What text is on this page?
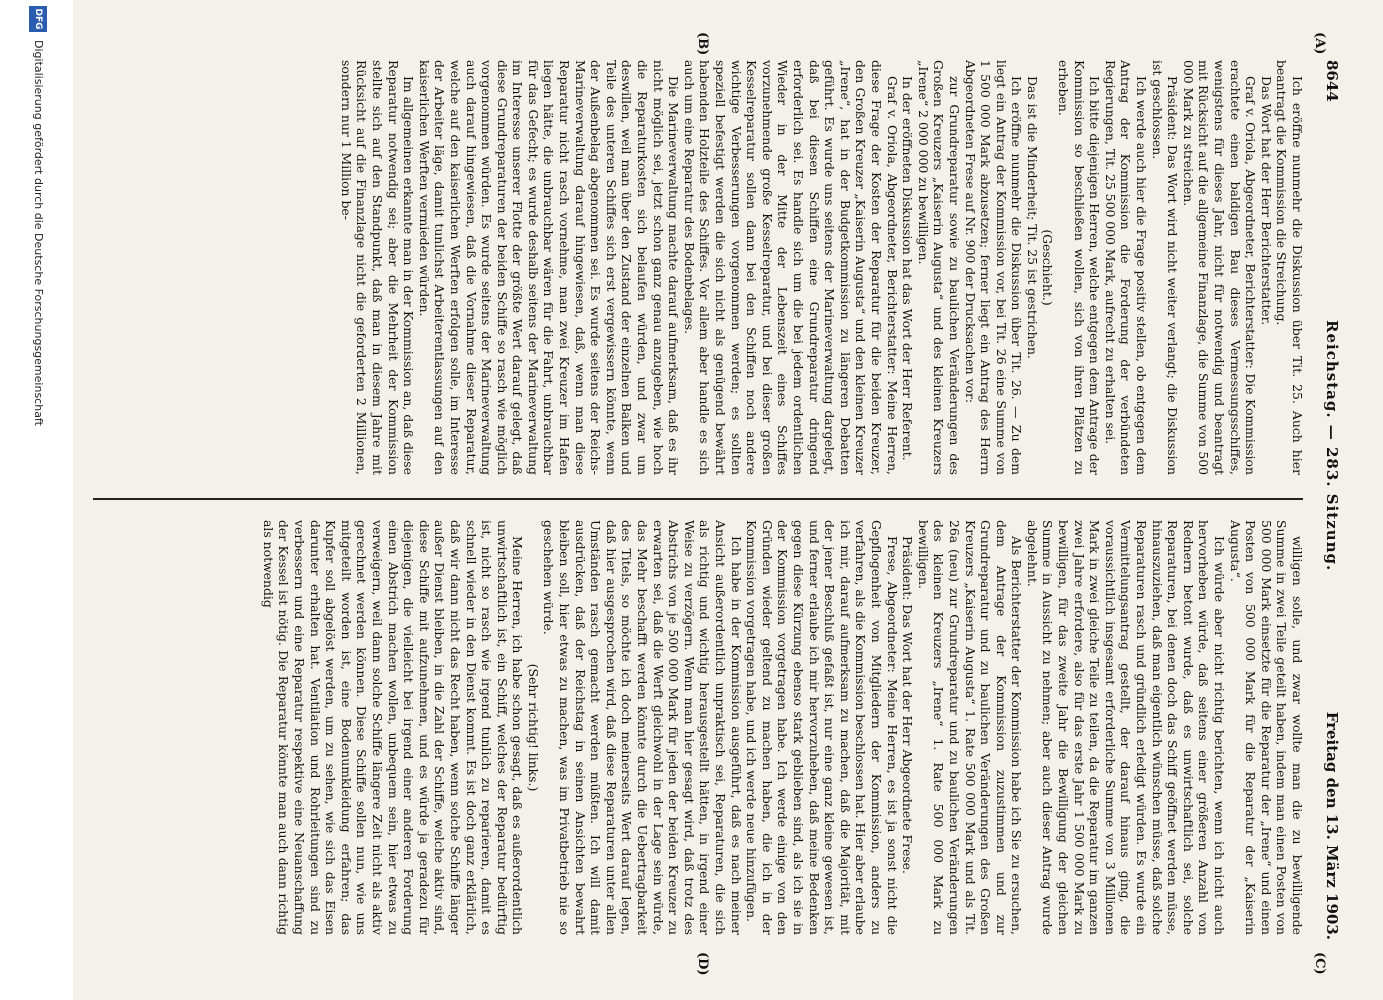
8644
Reichstag. — 283. Sitzung.
Freitag den 13. März 1903.
(A)
(B)
(C)
(D)

Ich eröffne nunmehr die Diskussion über Tit. 25. Auch hier beantragt die Kommission die Streichung.

Das Wort hat der Herr Berichterstatter.

Graf v. Oriola, Abgeordneter, Berichterstatter: Die Kommission erachtete einen baldigen Bau dieses Vermessungsschiffes, wenigstens für dieses Jahr, nicht für notwendig und beantragt mit Rücksicht auf die allgemeine Finanzlage, die Summe von 500 000 Mark zu streichen.

Präsident: Das Wort wird nicht weiter verlangt; die Diskussion ist geschlossen.

Ich werde auch hier die Frage positiv stellen, ob entgegen dem Antrag der Kommission die Forderung der verbündeten Regierungen, Tit. 25 500 000 Mark, aufrecht zu erhalten sei.

Ich bitte diejenigen Herren, welche entgegen dem Antrage der Kommission so beschließen wollen, sich von ihren Plätzen zu erheben.

(Geschieht.)

Das ist die Minderheit; Tit. 25 ist gestrichen.

Ich eröffne nunmehr die Diskussion über Tit. 26. — Zu dem liegt ein Antrag der Kommission vor, bei Tit. 26 eine Summe von 1 500 000 Mark abzusetzen; ferner liegt ein Antrag des Herrn Abgeordneten Frese auf Nr. 900 der Drucksachen vor:

zur Grundreparatur sowie zu baulichen Veränderungen des Großen Kreuzers „Kaiserin Augusta“ und des kleinen Kreuzers „Irene“ 2 000 000 zu bewilligen.

In der eröffneten Diskussion hat das Wort der Herr Referent.

Graf v. Oriola, Abgeordneter, Berichterstatter: Meine Herren, diese Frage der Kosten der Reparatur für die beiden Kreuzer, den Großen Kreuzer „Kaiserin Augusta“ und den kleinen Kreuzer „Irene“, hat in der Budgetkommission zu längeren Debatten geführt. Es wurde uns seitens der Marineverwaltung dargelegt, daß bei diesen Schiffen eine Grundreparatur dringend erforderlich sei. Es handle sich um die bei jedem ordentlichen Wieder in der Mitte der Lebenszeit eines Schiffes vorzunehmende große Kesselreparatur, und bei dieser großen Kesselreparatur sollen dann bei den Schiffen noch andere wichtige Verbesserungen vorgenommen werden; es sollten speziell befestigt werden die sich nicht als genügend bewährt habenden Holzteile des Schiffes. Vor allem aber handle es sich auch um eine Reparatur des Bodenbelages.

Die Marineverwaltung machte darauf aufmerksam, daß es ihr nicht möglich sei, jetzt schon ganz genau anzugeben, wie hoch die Reparaturkosten sich belaufen würden, und zwar um deswillen, weil man über den Zustand der einzelnen Balken und Teile des unteren Schiffes sich erst vergewissern könnte, wenn der Außenbelag abgenommen sei. Es wurde seitens der Reichs-Marineverwaltung darauf hingewiesen, daß, wenn man diese Reparatur nicht rasch vornehme, man zwei Kreuzer im Hafen liegen hätte, die unbrauchbar wären für die Fahrt, unbrauchbar für das Gefecht; es wurde deshalb seitens der Marineverwaltung im Interesse unserer Flotte der größte Wert darauf gelegt, daß diese Grundreparaturen der beiden Schiffe so rasch wie möglich vorgenommen würden. Es wurde seitens der Marineverwaltung auch darauf hingewiesen, daß die Vornahme dieser Reparatur, welche auf den kaiserlichen Werften erfolgen solle, im Interesse der Arbeiter läge, damit tunlichst Arbeiterentlassungen auf den kaiserlichen Werften vermieden würden.

Im allgemeinen erkannte man in der Kommission an, daß diese Reparatur notwendig sei; aber die Mehrheit der Kommission stellte sich auf den Standpunkt, daß man in diesem Jahre mit Rücksicht auf die Finanzlage nicht die geforderten 2 Millionen, sondern nur 1 Million be-

willigen solle, und zwar wollte man die zu bewilligende Summe in zwei Teile geteilt haben, indem man einen Posten von 500 000 Mark einsetzte für die Reparatur der „Irene“ und einen Posten von 500 000 Mark für die Reparatur der „Kaiserin Augusta“.

Ich würde aber nicht richtig berichten, wenn ich nicht auch hervorheben würde, daß seitens einer größeren Anzahl von Rednern betont wurde, daß es unwirtschaftlich sei, solche Reparaturen, bei denen doch das Schiff geöffnet werden müsse, hinauszuziehen, daß man eigentlich wünschen müsse, daß solche Reparaturen rasch und gründlich erledigt würden. Es wurde ein Vermittelungsantrag gestellt, der darauf hinaus ging, die voraussichtlich insgesamt erforderliche Summe von 3 Millionen Mark in zwei gleiche Teile zu teilen, da die Reparatur im ganzen zwei Jahre erfordere, also für das erste Jahr 1 500 000 Mark zu bewilligen, für das zweite Jahr die Bewilligung der gleichen Summe in Aussicht zu nehmen; aber auch dieser Antrag wurde abgelehnt.

Als Berichterstatter der Kommission habe ich Sie zu ersuchen, dem Antrage der Kommission zuzustimmen und zur Grundreparatur und zu baulichen Veränderungen des Großen Kreuzers „Kaiserin Augusta“ 1. Rate 500 000 Mark und als Tit. 26a (neu) zur Grundreparatur und zu baulichen Veränderungen des kleinen Kreuzers „Irene“ 1. Rate 500 000 Mark zu bewilligen.

Präsident: Das Wort hat der Herr Abgeordnete Frese.

Frese, Abgeordneter: Meine Herren, es ist ja sonst nicht die Gepflogenheit von Mitgliedern der Kommission, anders zu verfahren, als die Kommission beschlossen hat. Hier aber erlaube ich mir, darauf aufmerksam zu machen, daß die Majorität, mit der jener Beschluß gefaßt ist, nur eine ganz kleine gewesen ist, und ferner erlaube ich mir hervorzuheben, daß meine Bedenken gegen diese Kürzung ebenso stark geblieben sind, als ich sie in der Kommission vorgetragen habe. Ich werde einige von den Gründen wieder geltend zu machen haben, die ich in der Kommission vorgetragen habe, und ich werde neue hinzufügen.

Ich habe in der Kommission ausgeführt, daß es nach meiner Ansicht außerordentlich unpraktisch sei, Reparaturen, die sich als richtig und wichtig herausgestellt hätten, in irgend einer Weise zu verzögern. Wenn man hier gesagt wird, daß trotz des Abstrichs von je 500 000 Mark für jeden der beiden Kreuzer zu erwarten sei, daß die Werft gleichwohl in der Lage sein würde, das Mehr beschafft werden könnte durch die Uebertragbarkeit des Titels, so möchte ich doch meinerseits Wert darauf legen, daß hier ausgesprochen wird, daß diese Reparaturen unter allen Umständen rasch gemacht werden müßten. Ich will damit ausdrücken, daß der Reichstag in seinen Ansichten bewahrt bleiben soll, hier etwas zu machen, was im Privatbetrieb nie so geschehen würde.

(Sehr richtig! links.)

Meine Herren, ich habe schon gesagt, daß es außerordentlich unwirtschaftlich ist, ein Schiff, welches der Reparatur bedürftig ist, nicht so rasch wie irgend tunlich zu reparieren, damit es schnell wieder in den Dienst kommt. Es ist doch ganz erklärlich, daß wir dann nicht das Recht haben, wenn solche Schiffe länger außer Dienst bleiben, in die Zahl der Schiffe, welche aktiv sind, diese Schiffe mit aufzunehmen, und es würde ja geradezu für diejenigen, die vielleicht bei irgend einer anderen Forderung einen Abstrich machen wollen, unbequem sein, hier etwas zu verweigern, weil dann solche Schiffe längere Zeit nicht als aktiv gerechnet werden können. Diese Schiffe sollen nun, wie uns mitgeteilt worden ist, eine Bodenumkleidung erfahren; das Kupfer soll abgelöst werden, um zu sehen, wie sich das Eisen darunter erhalten hat. Ventilation und Rohrleitungen sind zu verbessern und eine Reparatur respektive eine Neuanschaffung der Kessel ist nötig. Die Reparatur könnte man auch dann richtig als notwendig

DFG
Digitalisierung gefördert durch die Deutsche Forschungsgemeinschaft
